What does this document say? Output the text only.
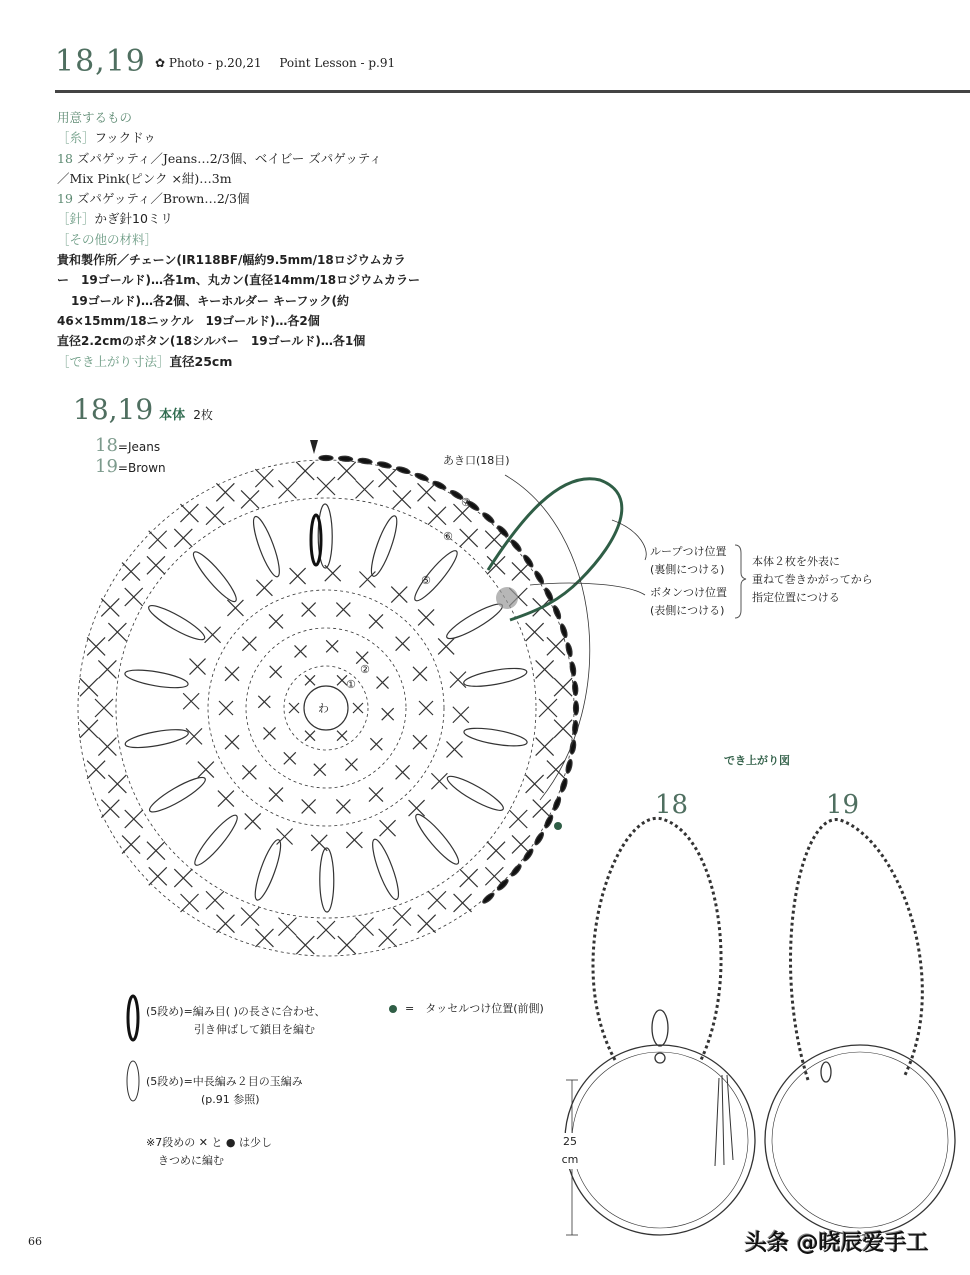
18,19 ✿ Photo - p.20,21 Point Lesson - p.91
用意するもの
［糸］フックドゥ
18 ズパゲッティ／Jeans…2/3個、ベイビー ズパゲッティ
／Mix Pink(ピンク ×紺)…3m
19 ズパゲッティ／Brown…2/3個
［針］かぎ針10ミリ
［その他の材料］
貴和製作所／チェーン(IR118BF/幅約9.5mm/18ロジウムカラ
ー　19ゴールド)…各1m、丸カン(直径14mm/18ロジウムカラー
19ゴールド)…各2個、キーホルダー キーフック(約
46×15mm/18ニッケル　19ゴールド)…各2個
直径2.2cmのボタン(18シルバー　19ゴールド)…各1個
［でき上がり寸法］直径25cm
18,19 本体 2枚
18=Jeans
19=Brown
わ
①
②
⑤
⑥
⑦
あき口(18目)
ループつけ位置
(裏側につける)
ボタンつけ位置
(表側につける)
本体２枚を外表に
重ねて巻きかがってから
指定位置につける
(5段め)=編み目( )の長さに合わせ、
引き伸ばして鎖目を編む
(5段め)=中長編み２目の玉編み
(p.91 参照)
※7段めの ✕ と ● は少し
きつめに編む
=　タッセルつけ位置(前側)
でき上がり図
18	19
25
cm
66	头条 @晓辰爱手工
